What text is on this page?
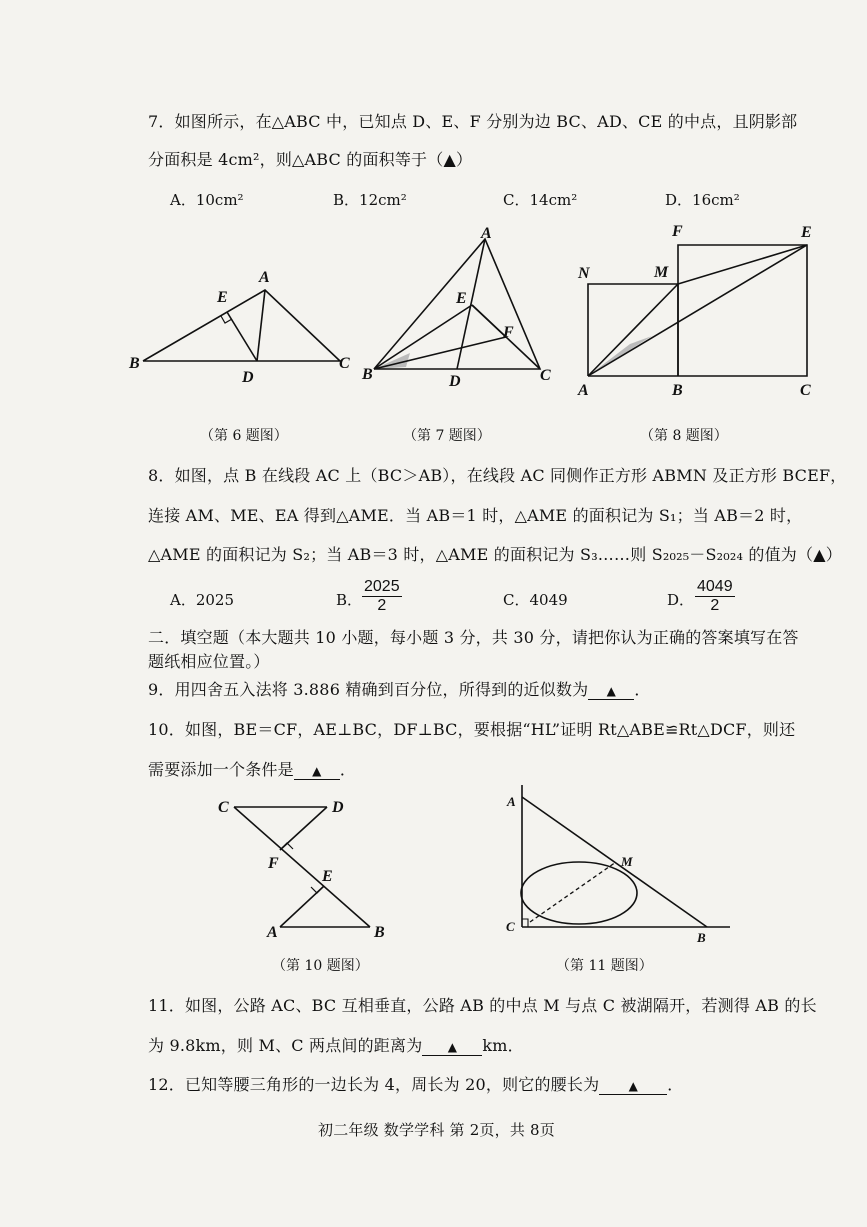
7．如图所示，在△ABC 中，已知点 D、E、F 分别为边 BC、AD、CE 的中点，且阴影部
分面积是 4cm²，则△ABC 的面积等于（▲）
A．10cm²	B．12cm²	C．14cm²	D．16cm²
A
E
B
D
C
（第 6 题图）
A
E
F
B	D	C
（第 7 题图）
F	E
N	M
A	B	C
（第 8 题图）
8．如图，点 B 在线段 AC 上（BC＞AB），在线段 AC 同侧作正方形 ABMN 及正方形 BCEF，
连接 AM、ME、EA 得到△AME．当 AB＝1 时，△AME 的面积记为 S₁；当 AB＝2 时，
△AME 的面积记为 S₂；当 AB＝3 时，△AME 的面积记为 S₃……则 S₂₀₂₅－S₂₀₂₄ 的值为（▲）
A．2025	B． $\frac{2025}{2}$	C．4049	D． $\frac{4049}{2}$
二．填空题（本大题共 10 小题，每小题 3 分，共 30 分，请把你认为正确的答案填写在答
题纸相应位置。）
9．用四舍五入法将 3.886 精确到百分位，所得到的近似数为 ▲ ．
10．如图，BE＝CF，AE⊥BC，DF⊥BC，要根据“HL”证明 Rt△ABE≌Rt△DCF，则还
需要添加一个条件是 ▲ ．
C	D
F
E
A	B
（第 10 题图）
A
M
C
B
（第 11 题图）
11．如图，公路 AC、BC 互相垂直，公路 AB 的中点 M 与点 C 被湖隔开，若测得 AB 的长
为 9.8km，则 M、C 两点间的距离为 ▲ km．
12．已知等腰三角形的一边长为 4，周长为 20，则它的腰长为 ▲ ．
初二年级 数学学科 第 2页，共 8页
